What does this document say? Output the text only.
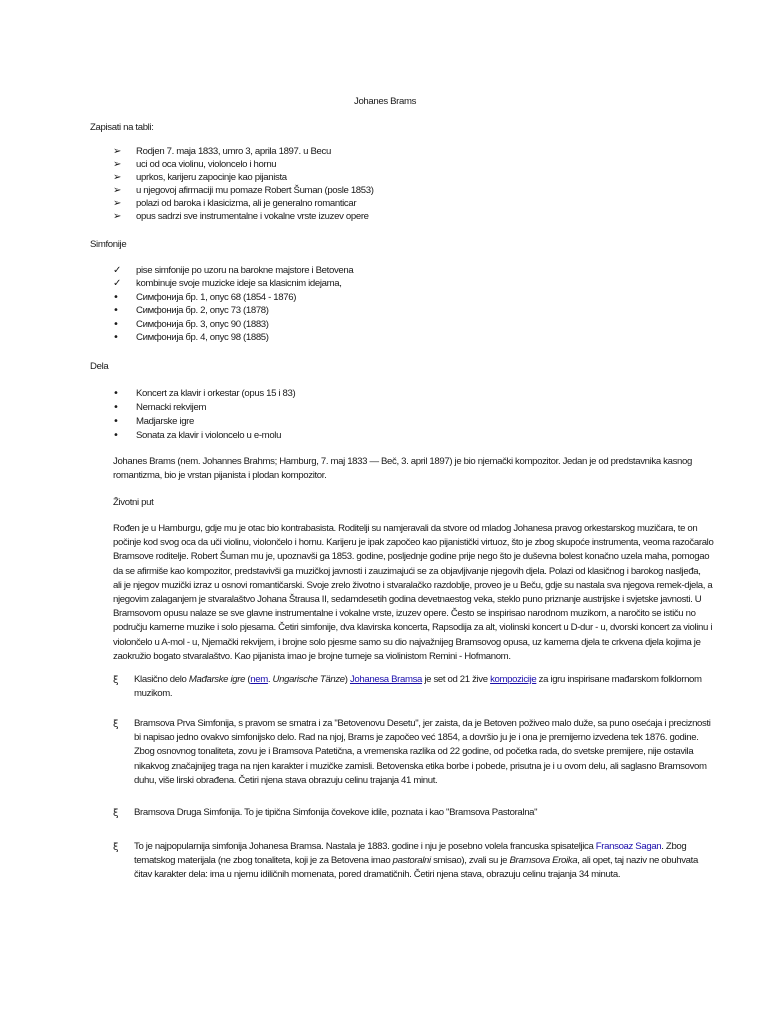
Johanes Brams
Zapisati na tabli:
➢ Rodjen 7. maja 1833, umro 3, aprila 1897. u Becu
➢ uci od oca violinu, violoncelo i hornu
➢ uprkos, karijeru zapocinje kao pijanista
➢ u njegovoj afirmaciji mu pomaze Robert Šuman (posle 1853)
➢ polazi od baroka i klasicizma, ali je generalno romanticar
➢ opus sadrzi sve instrumentalne i vokalne vrste izuzev opere
Simfonije
✓ pise simfonije po uzoru na barokne majstore i Betovena
✓ kombinuje svoje muzicke ideje sa klasicnim idejama,
• Симфонија бр. 1, опус 68 (1854 - 1876)
• Симфонија бр. 2, опус 73 (1878)
• Симфонија бр. 3, опус 90 (1883)
• Симфонија бр. 4, опус 98 (1885)
Dela
• Koncert za klavir i orkestar (opus 15 i 83)
• Nemacki rekvijem
• Madjarske igre
• Sonata za klavir i violoncelo u e-molu
Johanes Brams (nem. Johannes Brahms; Hamburg, 7. maj 1833 — Beč, 3. april 1897) je bio njemački kompozitor. Jedan je od predstavnika kasnog
romantizma, bio je vrstan pijanista i plodan kompozitor.
Životni put
Rođen je u Hamburgu, gdje mu je otac bio kontrabasista. Roditelji su namjeravali da stvore od mladog Johanesa pravog orkestarskog muzičara, te on
počinje kod svog oca da uči violinu, violončelo i hornu. Karijeru je ipak započeo kao pijanistički virtuoz, što je zbog skupoće instrumenta, veoma razočaralo
Bramsove roditelje. Robert Šuman mu je, upoznavši ga 1853. godine, posljednje godine prije nego što je duševna bolest konačno uzela maha, pomogao
da se afirmiše kao kompozitor, predstavivši ga muzičkoj javnosti i zauzimajući se za objavljivanje njegovih djela. Polazi od klasičnog i barokog nasljeđa,
ali je njegov muzički izraz u osnovi romantičarski. Svoje zrelo životno i stvaralačko razdoblje, proveo je u Beču, gdje su nastala sva njegova remek-djela, a
njegovim zalaganjem je stvaralaštvo Johana Štrausa II, sedamdesetih godina devetnaestog veka, steklo puno priznanje austrijske i svjetske javnosti. U
Bramsovom opusu nalaze se sve glavne instrumentalne i vokalne vrste, izuzev opere. Često se inspirisao narodnom muzikom, a naročito se ističu no
području kamerne muzike i solo pjesama. Četiri simfonije, dva klavirska koncerta, Rapsodija za alt, violinski koncert u D-dur - u, dvorski koncert za violinu i
violončelo u A-mol - u, Njemački rekvijem, i brojne solo pjesme samo su dio najvažnijeg Bramsovog opusa, uz kamerna djela te crkvena djela kojima je
zaokružio bogato stvaralaštvo. Kao pijanista imao je brojne turneje sa violinistom Remini - Hofmanom.
ξ Klasično delo Mađarske igre (nem. Ungarische Tänze) Johanesa Bramsa je set od 21 žive kompozicije za igru inspirisane mađarskom folklornom
muzikom.
ξ Bramsova Prva Simfonija, s pravom se smatra i za "Betovenovu Desetu", jer zaista, da je Betoven poživeo malo duže, sa puno osećaja i preciznosti
bi napisao jedno ovakvo simfonijsko delo. Rad na njoj, Brams je započeo već 1854, a dovršio ju je i ona je premijerno izvedena tek 1876. godine.
Zbog osnovnog tonaliteta, zovu je i Bramsova Patetična, a vremenska razlika od 22 godine, od početka rada, do svetske premijere, nije ostavila
nikakvog značajnijeg traga na njen karakter i muzičke zamisli. Betovenska etika borbe i pobede, prisutna je i u ovom delu, ali saglasno Bramsovom
duhu, više lirski obrađena. Četiri njena stava obrazuju celinu trajanja 41 minut.
ξ Bramsova Druga Simfonija. To je tipična Simfonija čovekove idile, poznata i kao "Bramsova Pastoralna"
ξ To je najpopularnija simfonija Johanesa Bramsa. Nastala je 1883. godine i nju je posebno volela francuska spisateljica Fransoaz Sagan. Zbog
tematskog materijala (ne zbog tonaliteta, koji je za Betovena imao pastoralni smisao), zvali su je Bramsova Eroika, ali opet, taj naziv ne obuhvata
čitav karakter dela: ima u njemu idiličnih momenata, pored dramatičnih. Četiri njena stava, obrazuju celinu trajanja 34 minuta.
